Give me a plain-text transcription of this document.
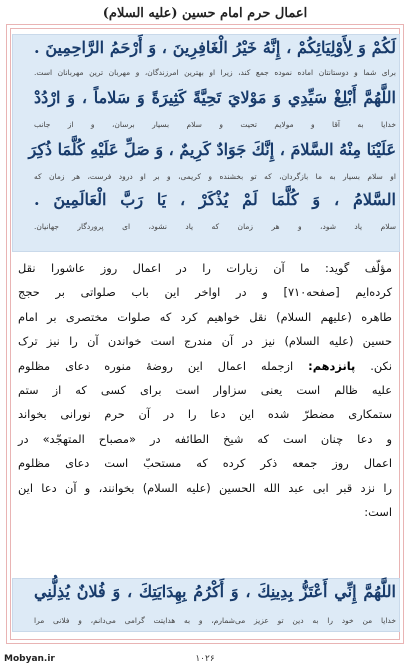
اعمال حرم امام حسین (علیه السلام)
لَكُمْ وَ لِأَوْلِيَائِكُمْ ، إِنَّهُ خَيْرُ الْغَافِرِينَ ، وَ أَرْحَمُ الرَّاحِمِينَ .
برای شما و دوستانتان اماده نموده جمع كند، زيرا او بهترين امرزندگان، و مهربان ترين مهربانان است.
اللَّهُمَّ أَبْلِغْ سَيِّدِي وَ مَوْلايَ تَحِيَّةً كَثِيرَةً وَ سَلاماً ، وَ ارْدُدْ
خدايا به آقا و مولايم تحيت و سلام بسيار برسان، و از جانب
عَلَيْنَا مِنْهُ السَّلامَ ، إِنَّكَ جَوَادٌ كَرِيمٌ ، وَ صَلِّ عَلَيْهِ كُلَّمَا ذُكِرَ
او سلام بسيار به ما بازگردان، كه تو بخشنده و كريمی، و بر او درود فرست، هر زمان كه
السَّلامُ ، وَ كُلَّمَا لَمْ يُذْكَرْ ، يَا رَبَّ الْعَالَمِينَ .
سلام ياد شود، و هر زمان كه ياد نشود، ای پروردگار جهانيان.
مؤلّف گويد: ما آن زيارات را در اعمال روز عاشورا نقل
كرده‌ايم [صفحه۷۱۰] و در اواخر اين باب صلواتی بر حجج
طاهره (علیهم السلام) نقل خواهيم كرد كه صلوات مختصری بر امام
حسين (علیه السلام) نيز در آن مندرج است خواندن آن را نيز ترک
نكن. پانزدهم: ازجمله اعمال اين روضهٔ منوره دعای مظلوم
عليه ظالم است يعنی سزاوار است برای كسی كه از ستم
ستمكاری مضطرّ شده اين دعا را در آن حرم نورانی بخواند
و دعا چنان است كه شيخ الطائفه در «مصباح المتهجّد» در
اعمال روز جمعه ذكر كرده كه مستحبّ است دعای مظلوم
را نزد قبر ابی عبد الله الحسين (علیه السلام) بخوانند، و آن دعا اين
است:
اللَّهُمَّ إِنِّي أَعْتَزُّ بِدِينِكَ ، وَ أَكْرُمُ بِهِدَايَتِكَ ، وَ فُلانٌ يُذِلُّنِي
خدايا من خود را به دين تو عزيز می‌شمارم، و به هدايتت گرامی می‌دانم، و فلانی مرا
۱۰۲۶
Mobyan.ir
